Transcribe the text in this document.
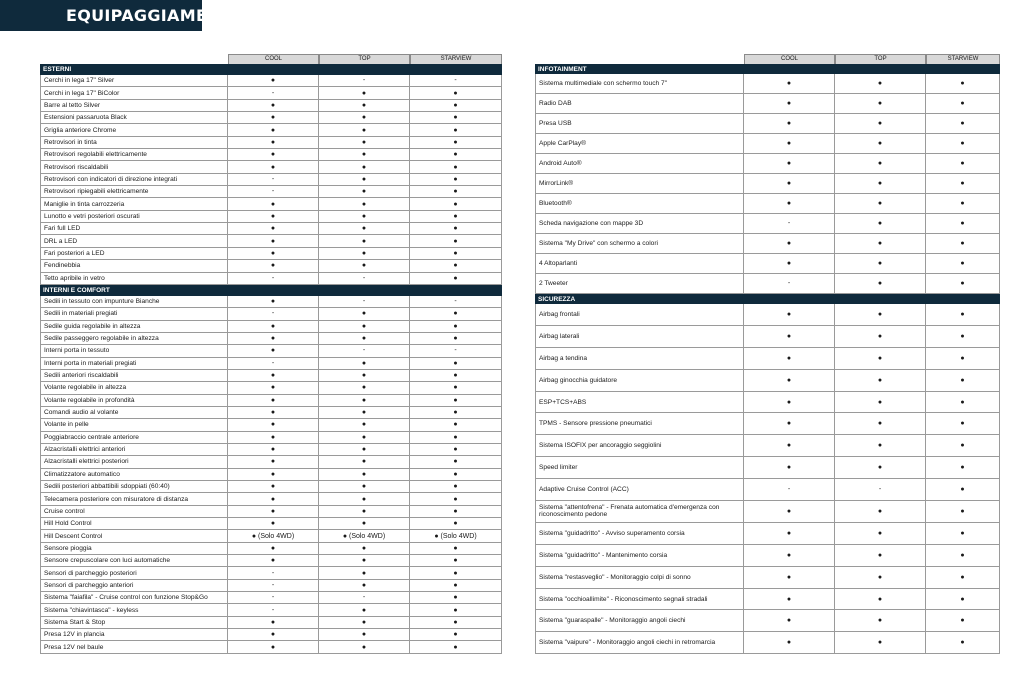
EQUIPAGGIAMENTI
COOL	TOP	STARVIEW
ESTERNI
Cerchi in lega 17" Silver	●	-	-
Cerchi in lega 17" BiColor	-	●	●
Barre al tetto Silver	●	●	●
Estensioni passaruota Black	●	●	●
Griglia anteriore Chrome	●	●	●
Retrovisori in tinta	●	●	●
Retrovisori regolabili elettricamente	●	●	●
Retrovisori riscaldabili	●	●	●
Retrovisori con indicatori di direzione integrati	-	●	●
Retrovisori ripiegabili elettricamente	-	●	●
Maniglie in tinta carrozzeria	●	●	●
Lunotto e vetri posteriori oscurati	●	●	●
Fari full LED	●	●	●
DRL a LED	●	●	●
Fari posteriori a LED	●	●	●
Fendinebbia	●	●	●
Tetto apribile in vetro	-	-	●
INTERNI E COMFORT
Sedili in tessuto con impunture Bianche	●	-	-
Sedili in materiali pregiati	-	●	●
Sedile guida regolabile in altezza	●	●	●
Sedile passeggero regolabile in altezza	●	●	●
Interni porta in tessuto	●	-	-
Interni porta in materiali pregiati	-	●	●
Sedili anteriori riscaldabili	●	●	●
Volante regolabile in altezza	●	●	●
Volante regolabile in profondità	●	●	●
Comandi audio al volante	●	●	●
Volante in pelle	●	●	●
Poggiabraccio centrale anteriore	●	●	●
Alzacristalli elettrici anteriori	●	●	●
Alzacristalli elettrici posteriori	●	●	●
Climatizzatore automatico	●	●	●
Sedili posteriori abbattibili sdoppiati (60:40)	●	●	●
Telecamera posteriore con misuratore di distanza	●	●	●
Cruise control	●	●	●
Hill Hold Control	●	●	●
Hill Descent Control	● (Solo 4WD)	● (Solo 4WD)	● (Solo 4WD)
Sensore pioggia	●	●	●
Sensore crepuscolare con luci automatiche	●	●	●
Sensori di parcheggio posteriori	-	●	●
Sensori di parcheggio anteriori	-	●	●
Sistema "faiafila" - Cruise control con funzione Stop&Go	-	-	●
Sistema "chiavintasca" - keyless	-	●	●
Sistema Start & Stop	●	●	●
Presa 12V in plancia	●	●	●
Presa 12V nel baule	●	●	●
COOL	TOP	STARVIEW
INFOTAINMENT
Sistema multimediale con schermo touch 7"	●	●	●
Radio DAB	●	●	●
Presa USB	●	●	●
Apple CarPlay®	●	●	●
Android Auto®	●	●	●
MirrorLink®	●	●	●
Bluetooth®	●	●	●
Scheda navigazione con mappe 3D	-	●	●
Sistema "My Drive" con schermo a colori	●	●	●
4 Altoparlanti	●	●	●
2 Tweeter	-	●	●
SICUREZZA
Airbag frontali	●	●	●
Airbag laterali	●	●	●
Airbag a tendina	●	●	●
Airbag ginocchia guidatore	●	●	●
ESP+TCS+ABS	●	●	●
TPMS - Sensore pressione pneumatici	●	●	●
Sistema ISOFIX per ancoraggio seggiolini	●	●	●
Speed limiter	●	●	●
Adaptive Cruise Control (ACC)	-	-	●
Sistema "attentofrena" - Frenata automatica d'emergenza con riconoscimento pedone	●	●	●
Sistema "guidadritto" - Avviso superamento corsia	●	●	●
Sistema "guidadritto" - Mantenimento corsia	●	●	●
Sistema "restasveglio" - Monitoraggio colpi di sonno	●	●	●
Sistema "occhioallimite" - Riconoscimento segnali stradali	●	●	●
Sistema "guaraspalle" - Monitoraggio angoli ciechi	●	●	●
Sistema "vaipure" - Monitoraggio angoli ciechi in retromarcia	●	●	●
